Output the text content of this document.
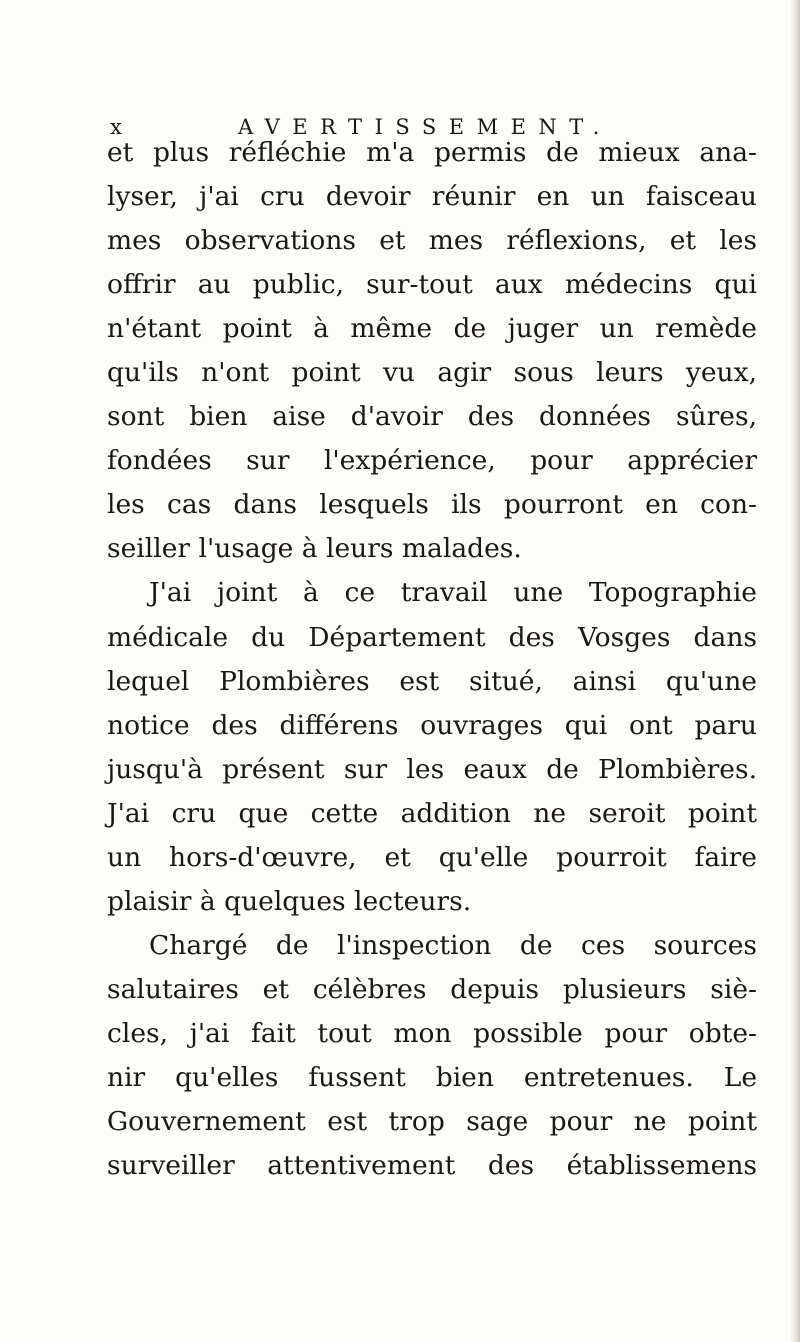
x	AVERTISSEMENT.
et plus réfléchie m'a permis de mieux ana-
lyser, j'ai cru devoir réunir en un faisceau
mes observations et mes réflexions, et les
offrir au public, sur-tout aux médecins qui
n'étant point à même de juger un remède
qu'ils n'ont point vu agir sous leurs yeux,
sont bien aise d'avoir des données sûres,
fondées sur l'expérience, pour apprécier
les cas dans lesquels ils pourront en con-
seiller l'usage à leurs malades.
J'ai joint à ce travail une Topographie
médicale du Département des Vosges dans
lequel Plombières est situé, ainsi qu'une
notice des différens ouvrages qui ont paru
jusqu'à présent sur les eaux de Plombières.
J'ai cru que cette addition ne seroit point
un hors-d'œuvre, et qu'elle pourroit faire
plaisir à quelques lecteurs.
Chargé de l'inspection de ces sources
salutaires et célèbres depuis plusieurs siè-
cles, j'ai fait tout mon possible pour obte-
nir qu'elles fussent bien entretenues. Le
Gouvernement est trop sage pour ne point
surveiller attentivement des établissemens
